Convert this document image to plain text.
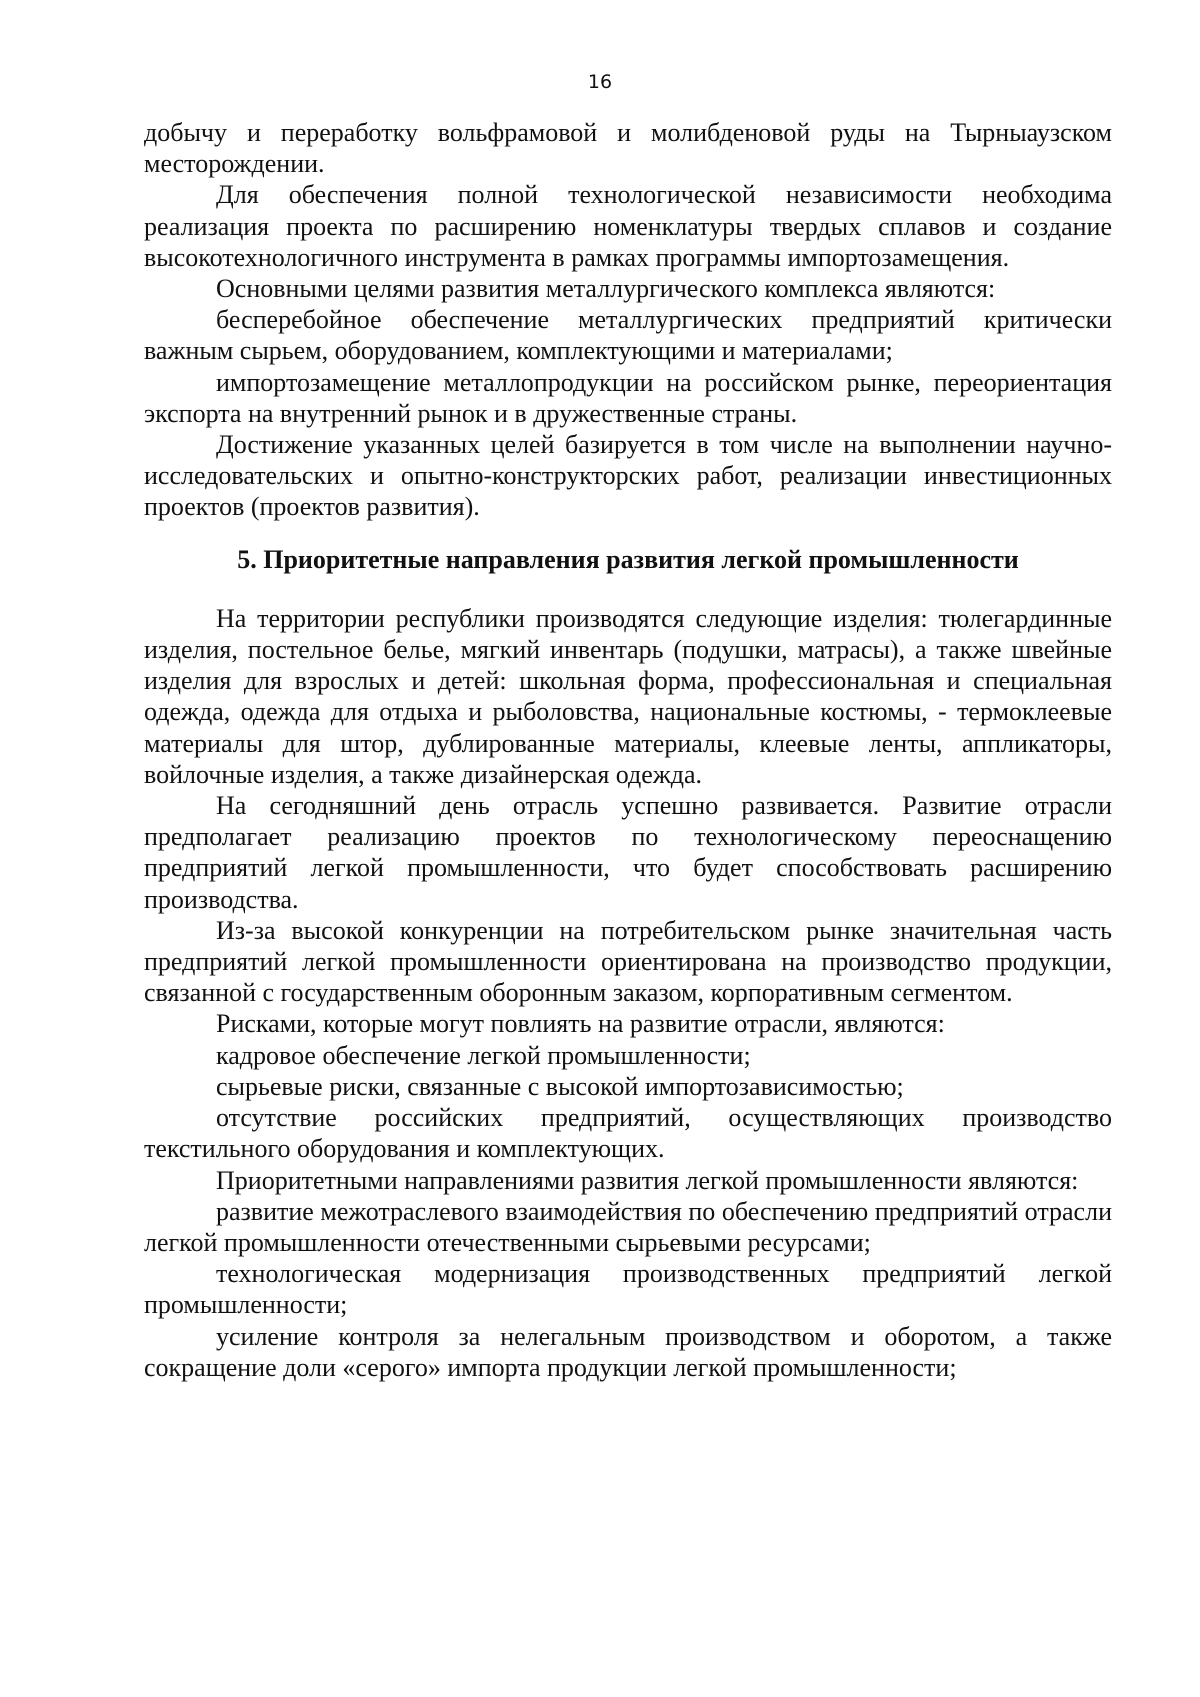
16

добычу и переработку вольфрамовой и молибденовой руды на Тырныаузском месторождении.

Для обеспечения полной технологической независимости необходима реализация проекта по расширению номенклатуры твердых сплавов и создание высокотехнологичного инструмента в рамках программы импортозамещения.

Основными целями развития металлургического комплекса являются:

бесперебойное обеспечение металлургических предприятий критически важным сырьем, оборудованием, комплектующими и материалами;

импортозамещение металлопродукции на российском рынке, переориентация экспорта на внутренний рынок и в дружественные страны.

Достижение указанных целей базируется в том числе на выполнении научно-исследовательских и опытно-конструкторских работ, реализации инвестиционных проектов (проектов развития).

5. Приоритетные направления развития легкой промышленности

На территории республики производятся следующие изделия: тюлегардинные изделия, постельное белье, мягкий инвентарь (подушки, матрасы), а также швейные изделия для взрослых и детей: школьная форма, профессиональная и специальная одежда, одежда для отдыха и рыболовства, национальные костюмы, - термоклеевые материалы для штор, дублированные материалы, клеевые ленты, аппликаторы, войлочные изделия, а также дизайнерская одежда.

На сегодняшний день отрасль успешно развивается. Развитие отрасли предполагает реализацию проектов по технологическому переоснащению предприятий легкой промышленности, что будет способствовать расширению производства.

Из-за высокой конкуренции на потребительском рынке значительная часть предприятий легкой промышленности ориентирована на производство продукции, связанной с государственным оборонным заказом, корпоративным сегментом.

Рисками, которые могут повлиять на развитие отрасли, являются:

кадровое обеспечение легкой промышленности;

сырьевые риски, связанные с высокой импортозависимостью;

отсутствие российских предприятий, осуществляющих производство текстильного оборудования и комплектующих.

Приоритетными направлениями развития легкой промышленности являются:

развитие межотраслевого взаимодействия по обеспечению предприятий отрасли легкой промышленности отечественными сырьевыми ресурсами;

технологическая модернизация производственных предприятий легкой промышленности;

усиление контроля за нелегальным производством и оборотом, а также сокращение доли «серого» импорта продукции легкой промышленности;
